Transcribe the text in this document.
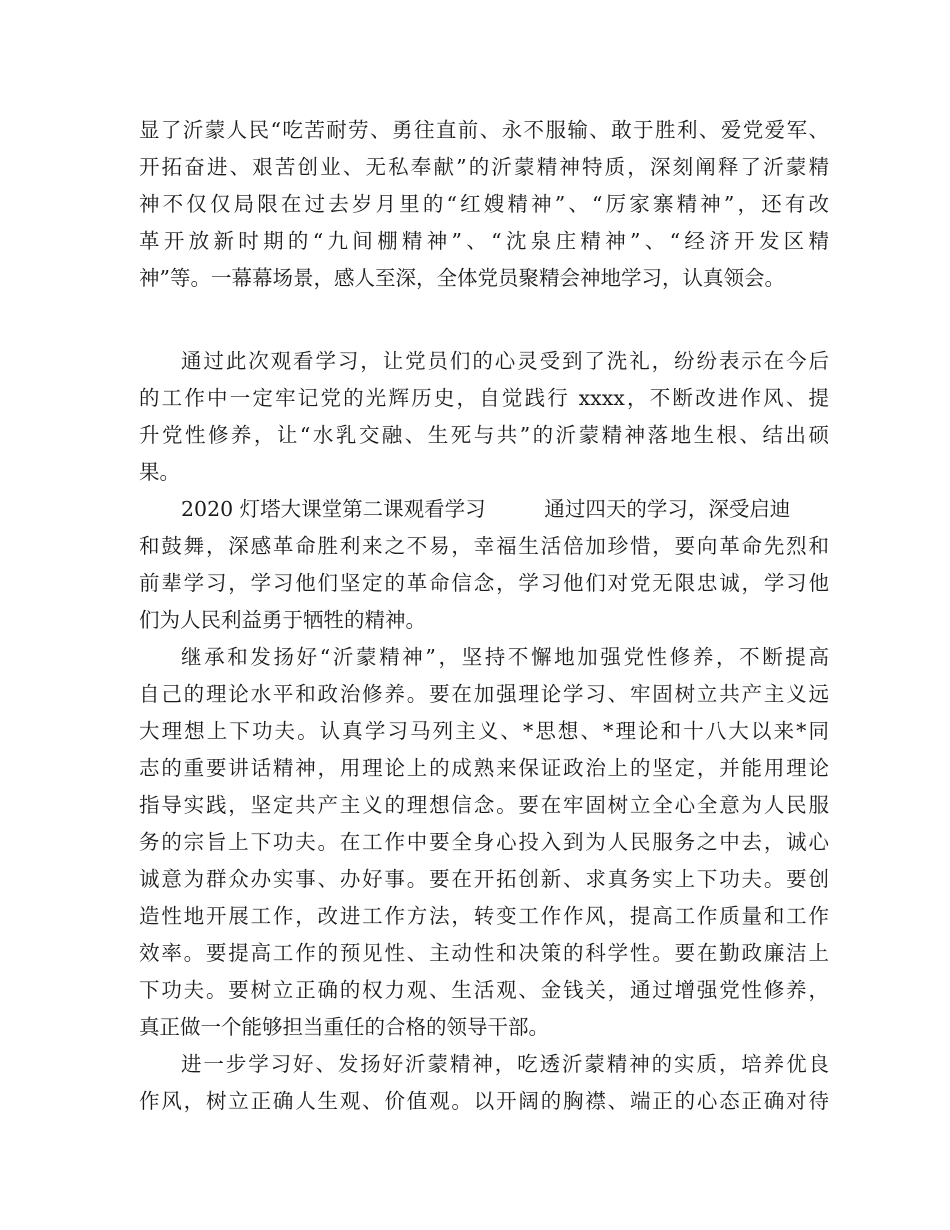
显了沂蒙人民“吃苦耐劳、勇往直前、永不服输、敢于胜利、爱党爱军、
开拓奋进、艰苦创业、无私奉献”的沂蒙精神特质，深刻阐释了沂蒙精
神不仅仅局限在过去岁月里的“红嫂精神”、“厉家寨精神”，还有改
革开放新时期的“九间棚精神”、“沈泉庄精神”、“经济开发区精
神”等。一幕幕场景，感人至深，全体党员聚精会神地学习，认真领会。
通过此次观看学习，让党员们的心灵受到了洗礼，纷纷表示在今后
的工作中一定牢记党的光辉历史，自觉践行 xxxx，不断改进作风、提
升党性修养，让“水乳交融、生死与共”的沂蒙精神落地生根、结出硕
果。
2020 灯塔大课堂第二课观看学习         通过四天的学习，深受启迪
和鼓舞，深感革命胜利来之不易，幸福生活倍加珍惜，要向革命先烈和
前辈学习，学习他们坚定的革命信念，学习他们对党无限忠诚，学习他
们为人民利益勇于牺牲的精神。
继承和发扬好“沂蒙精神”，坚持不懈地加强党性修养，不断提高
自己的理论水平和政治修养。要在加强理论学习、牢固树立共产主义远
大理想上下功夫。认真学习马列主义、*思想、*理论和十八大以来*同
志的重要讲话精神，用理论上的成熟来保证政治上的坚定，并能用理论
指导实践，坚定共产主义的理想信念。要在牢固树立全心全意为人民服
务的宗旨上下功夫。在工作中要全身心投入到为人民服务之中去，诚心
诚意为群众办实事、办好事。要在开拓创新、求真务实上下功夫。要创
造性地开展工作，改进工作方法，转变工作作风，提高工作质量和工作
效率。要提高工作的预见性、主动性和决策的科学性。要在勤政廉洁上
下功夫。要树立正确的权力观、生活观、金钱关，通过增强党性修养，
真正做一个能够担当重任的合格的领导干部。
进一步学习好、发扬好沂蒙精神，吃透沂蒙精神的实质，培养优良
作风，树立正确人生观、价值观。以开阔的胸襟、端正的心态正确对待
